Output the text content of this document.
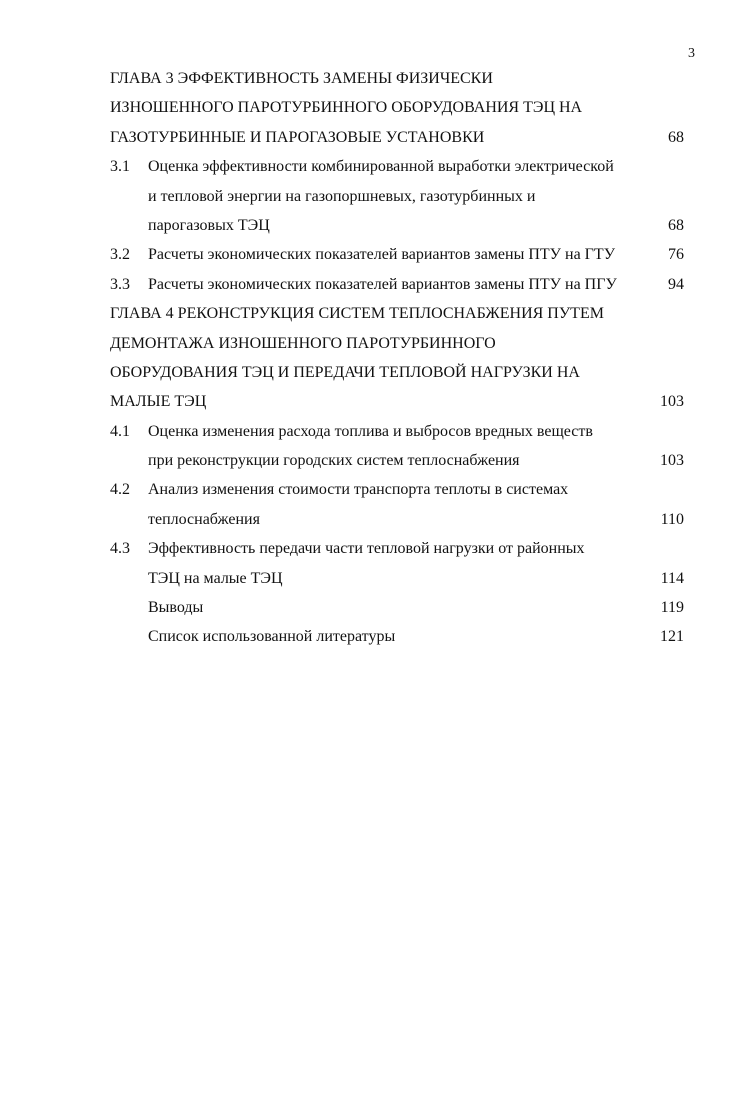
3
ГЛАВА 3 ЭФФЕКТИВНОСТЬ ЗАМЕНЫ ФИЗИЧЕСКИ
ИЗНОШЕННОГО ПАРОТУРБИННОГО ОБОРУДОВАНИЯ ТЭЦ НА
ГАЗОТУРБИННЫЕ И ПАРОГАЗОВЫЕ УСТАНОВКИ	68
3.1	Оценка эффективности комбинированной выработки электрической
и тепловой энергии на газопоршневых, газотурбинных и
парогазовых ТЭЦ	68
3.2	Расчеты экономических показателей вариантов замены ПТУ на ГТУ	76
3.3	Расчеты экономических показателей вариантов замены ПТУ на ПГУ	94
ГЛАВА 4 РЕКОНСТРУКЦИЯ СИСТЕМ ТЕПЛОСНАБЖЕНИЯ ПУТЕМ
ДЕМОНТАЖА ИЗНОШЕННОГО ПАРОТУРБИННОГО
ОБОРУДОВАНИЯ ТЭЦ И ПЕРЕДАЧИ ТЕПЛОВОЙ НАГРУЗКИ НА
МАЛЫЕ ТЭЦ	103
4.1	Оценка изменения расхода топлива и выбросов вредных веществ
при реконструкции городских систем теплоснабжения	103
4.2	Анализ изменения стоимости транспорта теплоты в системах
теплоснабжения	110
4.3	Эффективность передачи части тепловой нагрузки от районных
ТЭЦ на малые ТЭЦ	114
Выводы	119
Список использованной литературы	121
